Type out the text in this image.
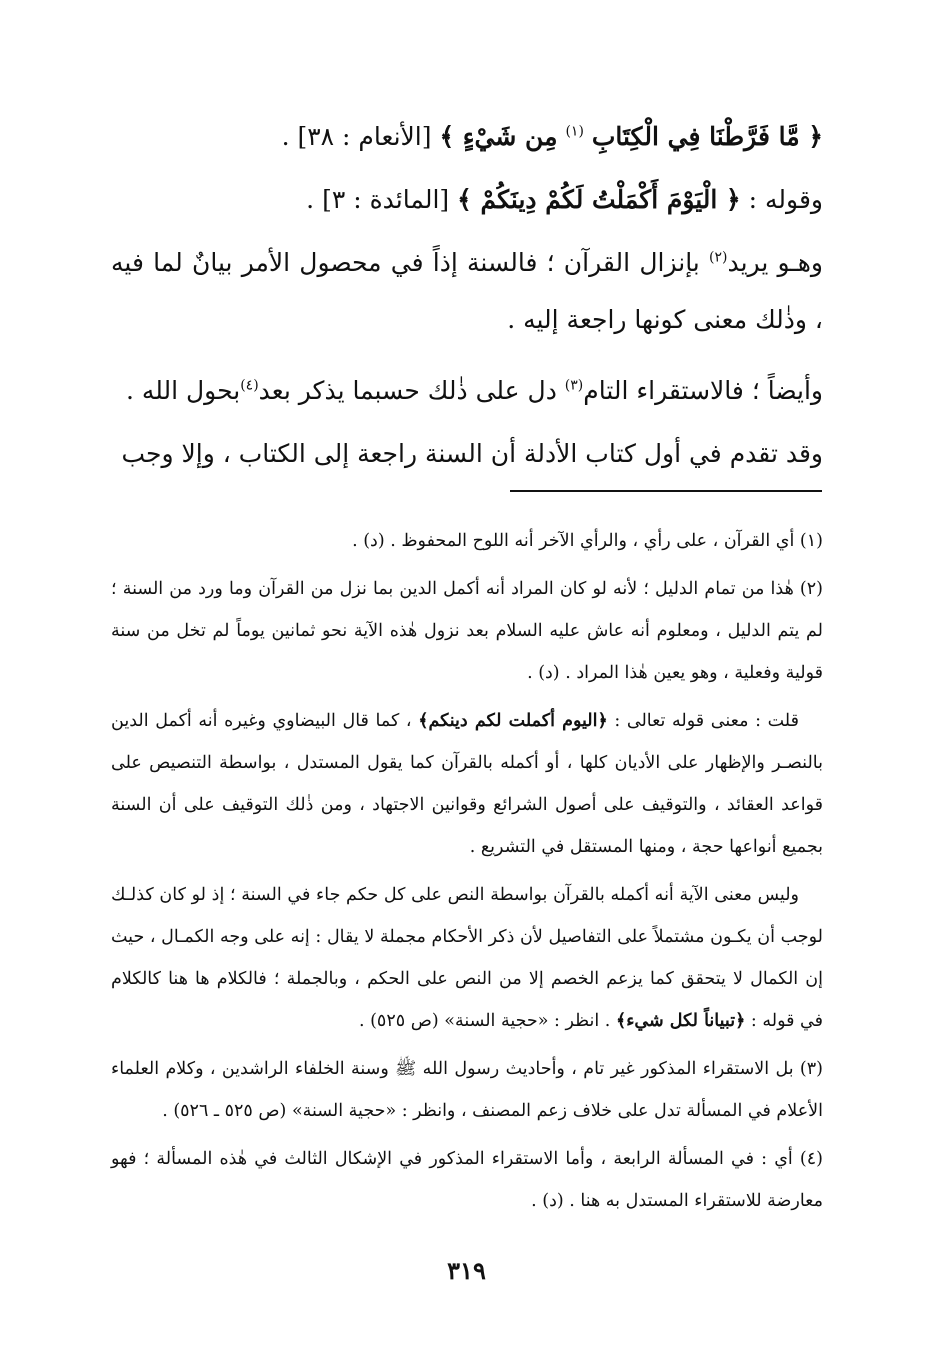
﴿ مَّا فَرَّطْنَا فِي الْكِتَابِ $^{(١)}$ مِن شَيْءٍ ﴾ [الأنعام : ٣٨] .

وقوله : ﴿ الْيَوْمَ أَكْمَلْتُ لَكُمْ دِينَكُمْ ﴾ [المائدة : ٣] .

وهـو يريد$^{(٢)}$ بإنزال القرآن ؛ فالسنة إذاً في محصول الأمر بيانٌ لما فيه ، وذٰلك معنى كونها راجعة إليه .

وأيضاً ؛ فالاستقراء التام$^{(٣)}$ دل على ذٰلك حسبما يذكر بعد$^{(٤)}$بحول الله .

وقد تقدم في أول كتاب الأدلة أن السنة راجعة إلى الكتاب ، وإلا وجب

(١) أي القرآن ، على رأي ، والرأي الآخر أنه اللوح المحفوظ . (د) .

(٢) هٰذا من تمام الدليل ؛ لأنه لو كان المراد أنه أكمل الدين بما نزل من القرآن وما ورد من السنة ؛ لم يتم الدليل ، ومعلوم أنه عاش عليه السلام بعد نزول هٰذه الآية نحو ثمانين يوماً لم تخل من سنة قولية وفعلية ، وهو يعين هٰذا المراد . (د) .

قلت : معنى قوله تعالى : ﴿اليوم أكملت لكم دينكم﴾ ، كما قال البيضاوي وغيره أنه أكمل الدين بالنصـر والإظهار على الأديان كلها ، أو أكمله بالقرآن كما يقول المستدل ، بواسطة التنصيص على قواعد العقائد ، والتوقيف على أصول الشرائع وقوانين الاجتهاد ، ومن ذٰلك التوقيف على أن السنة بجميع أنواعها حجة ، ومنها المستقل في التشريع .

وليس معنى الآية أنه أكمله بالقرآن بواسطة النص على كل حكم جاء في السنة ؛ إذ لو كان كذلـك لوجب أن يكـون مشتملاً على التفاصيل لأن ذكر الأحكام مجملة لا يقال : إنه على وجه الكمـال ، حيث إن الكمال لا يتحقق كما يزعم الخصم إلا من النص على الحكم ، وبالجملة ؛ فالكلام ها هنا كالكلام في قوله : ﴿تبياناً لكل شيء﴾ . انظر : «حجية السنة» (ص ٥٢٥) .

(٣) بل الاستقراء المذكور غير تام ، وأحاديث رسول الله ﷺ وسنة الخلفاء الراشدين ، وكلام العلماء الأعلام في المسألة تدل على خلاف زعم المصنف ، وانظر : «حجية السنة» (ص ٥٢٥ ـ ٥٢٦) .

(٤) أي : في المسألة الرابعة ، وأما الاستقراء المذكور في الإشكال الثالث في هٰذه المسألة ؛ فهو معارضة للاستقراء المستدل به هنا . (د) .

٣١٩
